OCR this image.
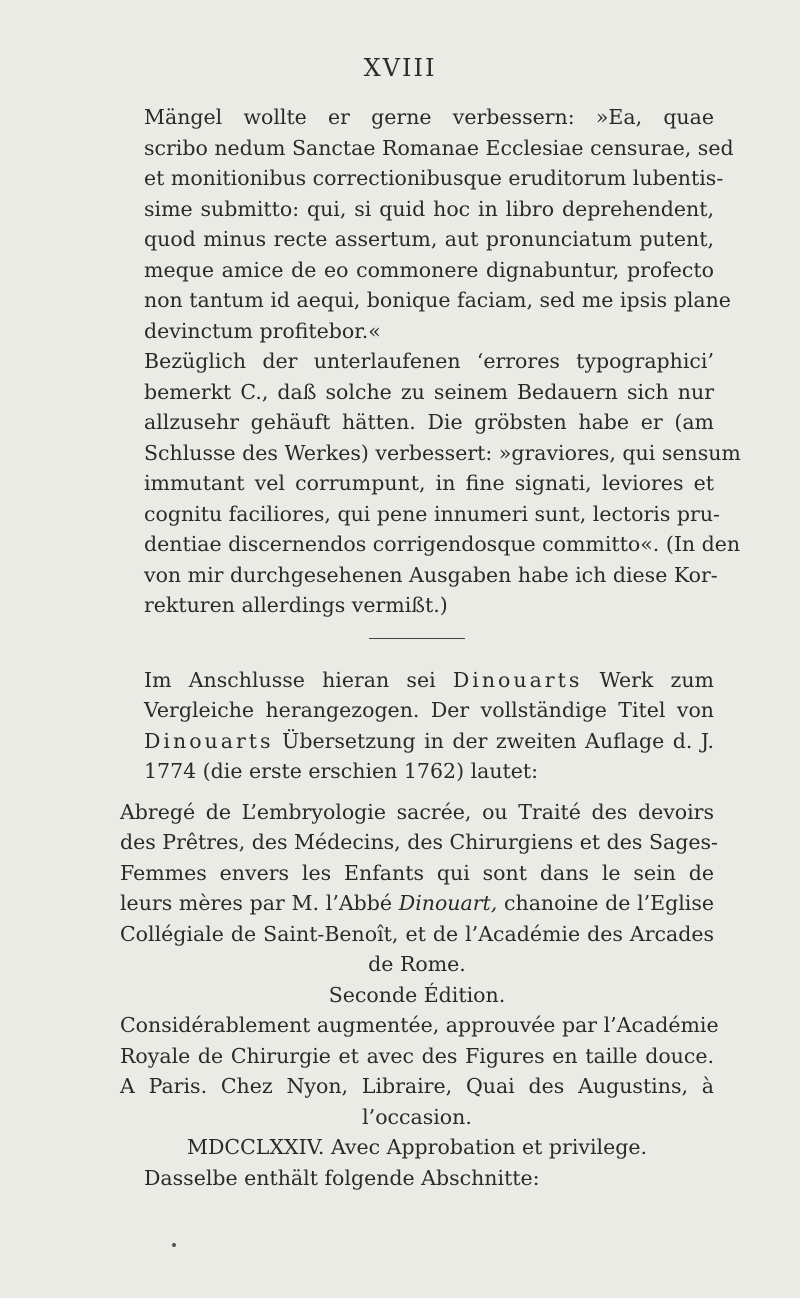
XVIII

Mängel wollte er gerne verbessern: »Ea, quae
scribo nedum Sanctae Romanae Ecclesiae censurae, sed
et monitionibus correctionibusque eruditorum lubentis-
sime submitto: qui, si quid hoc in libro deprehendent,
quod minus recte assertum, aut pronunciatum putent,
meque amice de eo commonere dignabuntur, profecto
non tantum id aequi, bonique faciam, sed me ipsis plane
devinctum profitebor.«

Bezüglich der unterlaufenen ‘errores typographici’
bemerkt C., daß solche zu seinem Bedauern sich nur
allzusehr gehäuft hätten. Die gröbsten habe er (am
Schlusse des Werkes) verbessert: »graviores, qui sensum
immutant vel corrumpunt, in fine signati, leviores et
cognitu faciliores, qui pene innumeri sunt, lectoris pru-
dentiae discernendos corrigendosque committo«. (In den
von mir durchgesehenen Ausgaben habe ich diese Kor-
rekturen allerdings vermißt.)

Im Anschlusse hieran sei Dinouarts Werk zum
Vergleiche herangezogen. Der vollständige Titel von
Dinouarts Übersetzung in der zweiten Auflage d. J.
1774 (die erste erschien 1762) lautet:

Abregé de L’embryologie sacrée, ou Traité des devoirs
des Prêtres, des Médecins, des Chirurgiens et des Sages-
Femmes envers les Enfants qui sont dans le sein de
leurs mères par M. l’Abbé Dinouart, chanoine de l’Eglise
Collégiale de Saint-Benoît, et de l’Académie des Arcades
de Rome.
Seconde Édition.
Considérablement augmentée, approuvée par l’Académie
Royale de Chirurgie et avec des Figures en taille douce.
A Paris. Chez Nyon, Libraire, Quai des Augustins, à
l’occasion.
MDCCLXXIV. Avec Approbation et privilege.

Dasselbe enthält folgende Abschnitte:
